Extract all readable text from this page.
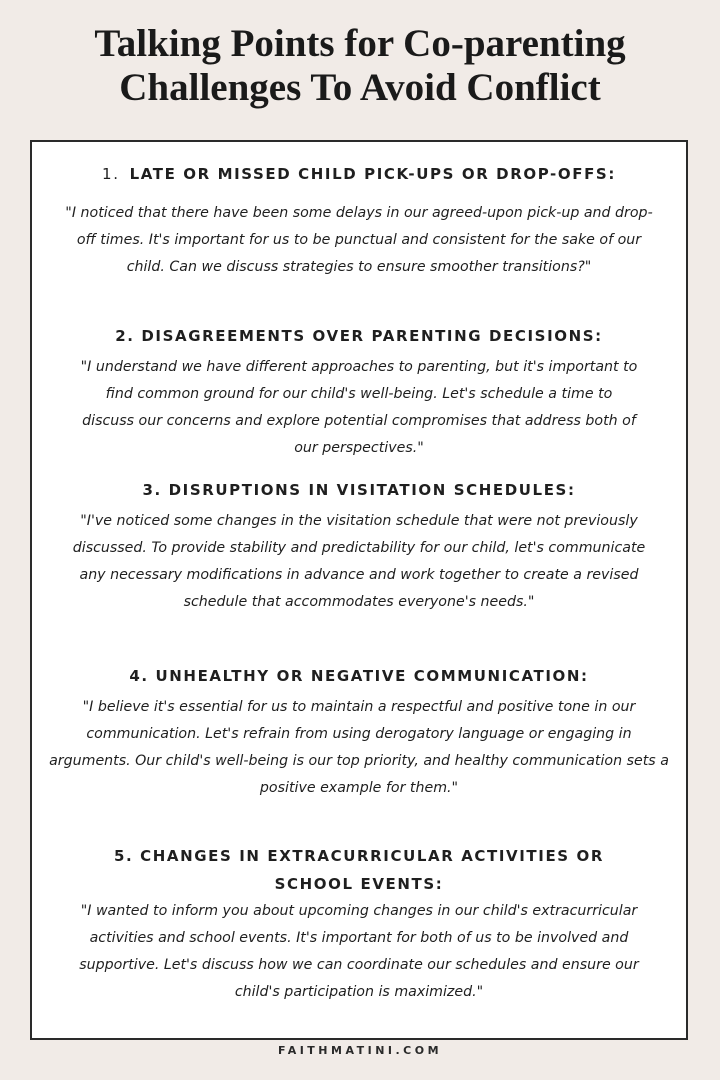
Talking Points for Co-parenting
Challenges To Avoid Conflict

1. LATE OR MISSED CHILD PICK-UPS OR DROP-OFFS:

"I noticed that there have been some delays in our agreed-upon pick-up and drop-off times. It's important for us to be punctual and consistent for the sake of our child. Can we discuss strategies to ensure smoother transitions?"

2. DISAGREEMENTS OVER PARENTING DECISIONS:

"I understand we have different approaches to parenting, but it's important to find common ground for our child's well-being. Let's schedule a time to discuss our concerns and explore potential compromises that address both of our perspectives."

3. DISRUPTIONS IN VISITATION SCHEDULES:

"I've noticed some changes in the visitation schedule that were not previously discussed. To provide stability and predictability for our child, let's communicate any necessary modifications in advance and work together to create a revised schedule that accommodates everyone's needs."

4. UNHEALTHY OR NEGATIVE COMMUNICATION:

"I believe it's essential for us to maintain a respectful and positive tone in our communication. Let's refrain from using derogatory language or engaging in arguments. Our child's well-being is our top priority, and healthy communication sets a positive example for them."

5. CHANGES IN EXTRACURRICULAR ACTIVITIES OR SCHOOL EVENTS:

"I wanted to inform you about upcoming changes in our child's extracurricular activities and school events. It's important for both of us to be involved and supportive. Let's discuss how we can coordinate our schedules and ensure our child's participation is maximized."

FAITHMATINI.COM
